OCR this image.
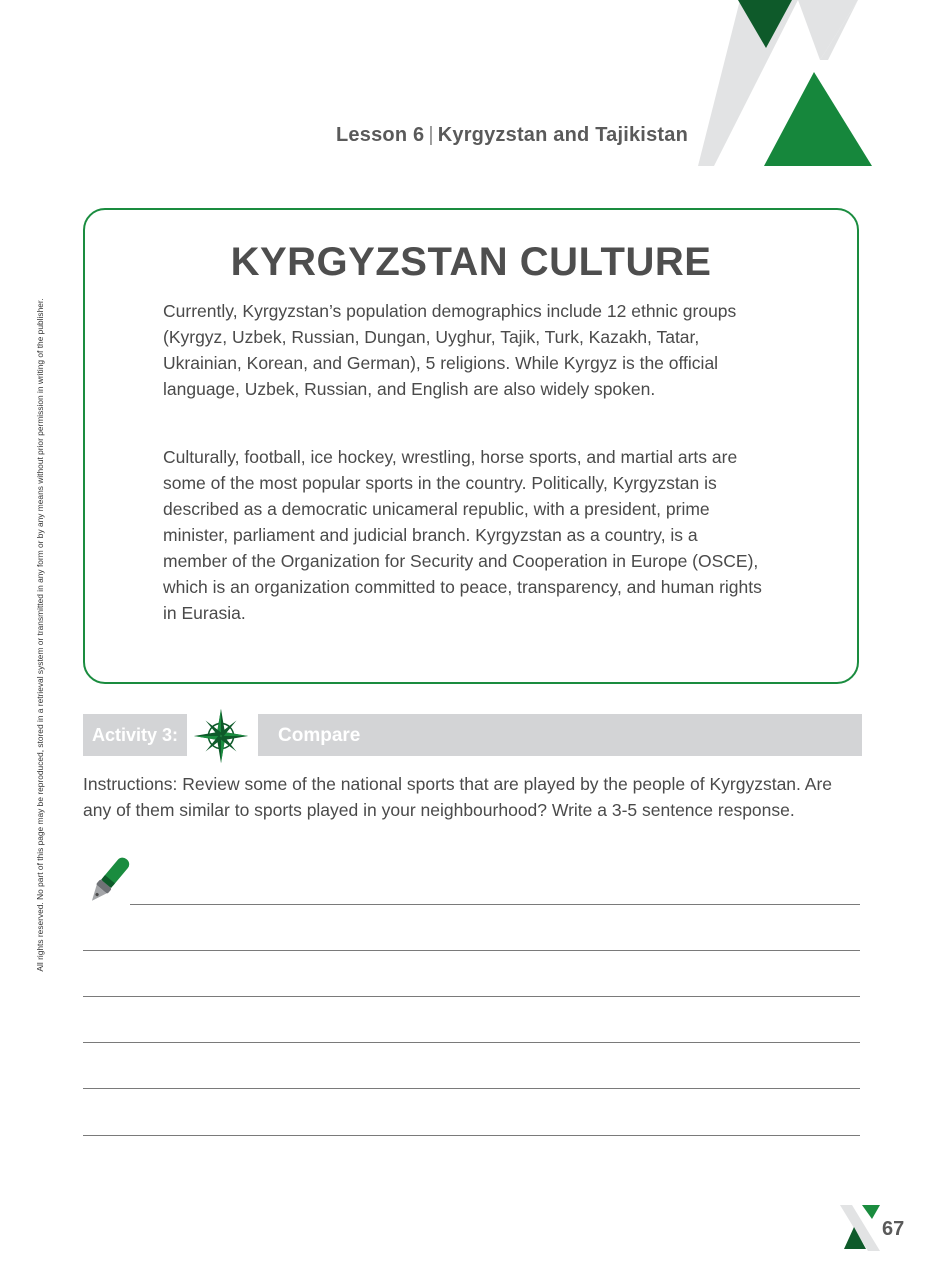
Lesson 6 | Kyrgyzstan and Tajikistan
All rights reserved. No part of this page may be reproduced, stored in a retrieval system or transmitted in any form or by any means without prior permission in writing of the publisher.
KYRGYZSTAN CULTURE

Currently, Kyrgyzstan’s population demographics include 12 ethnic groups (Kyrgyz, Uzbek, Russian, Dungan, Uyghur, Tajik, Turk, Kazakh, Tatar, Ukrainian, Korean, and German), 5 religions. While Kyrgyz is the official language, Uzbek, Russian, and English are also widely spoken.

Culturally, football, ice hockey, wrestling, horse sports, and martial arts are some of the most popular sports in the country. Politically, Kyrgyzstan is described as a democratic unicameral republic, with a president, prime minister, parliament and judicial branch. Kyrgyzstan as a country, is a member of the Organization for Security and Cooperation in Europe (OSCE), which is an organization committed to peace, transparency, and human rights in Eurasia.

Activity 3:	Compare

Instructions: Review some of the national sports that are played by the people of Kyrgyzstan. Are any of them similar to sports played in your neighbourhood? Write a 3-5 sentence response.

67
